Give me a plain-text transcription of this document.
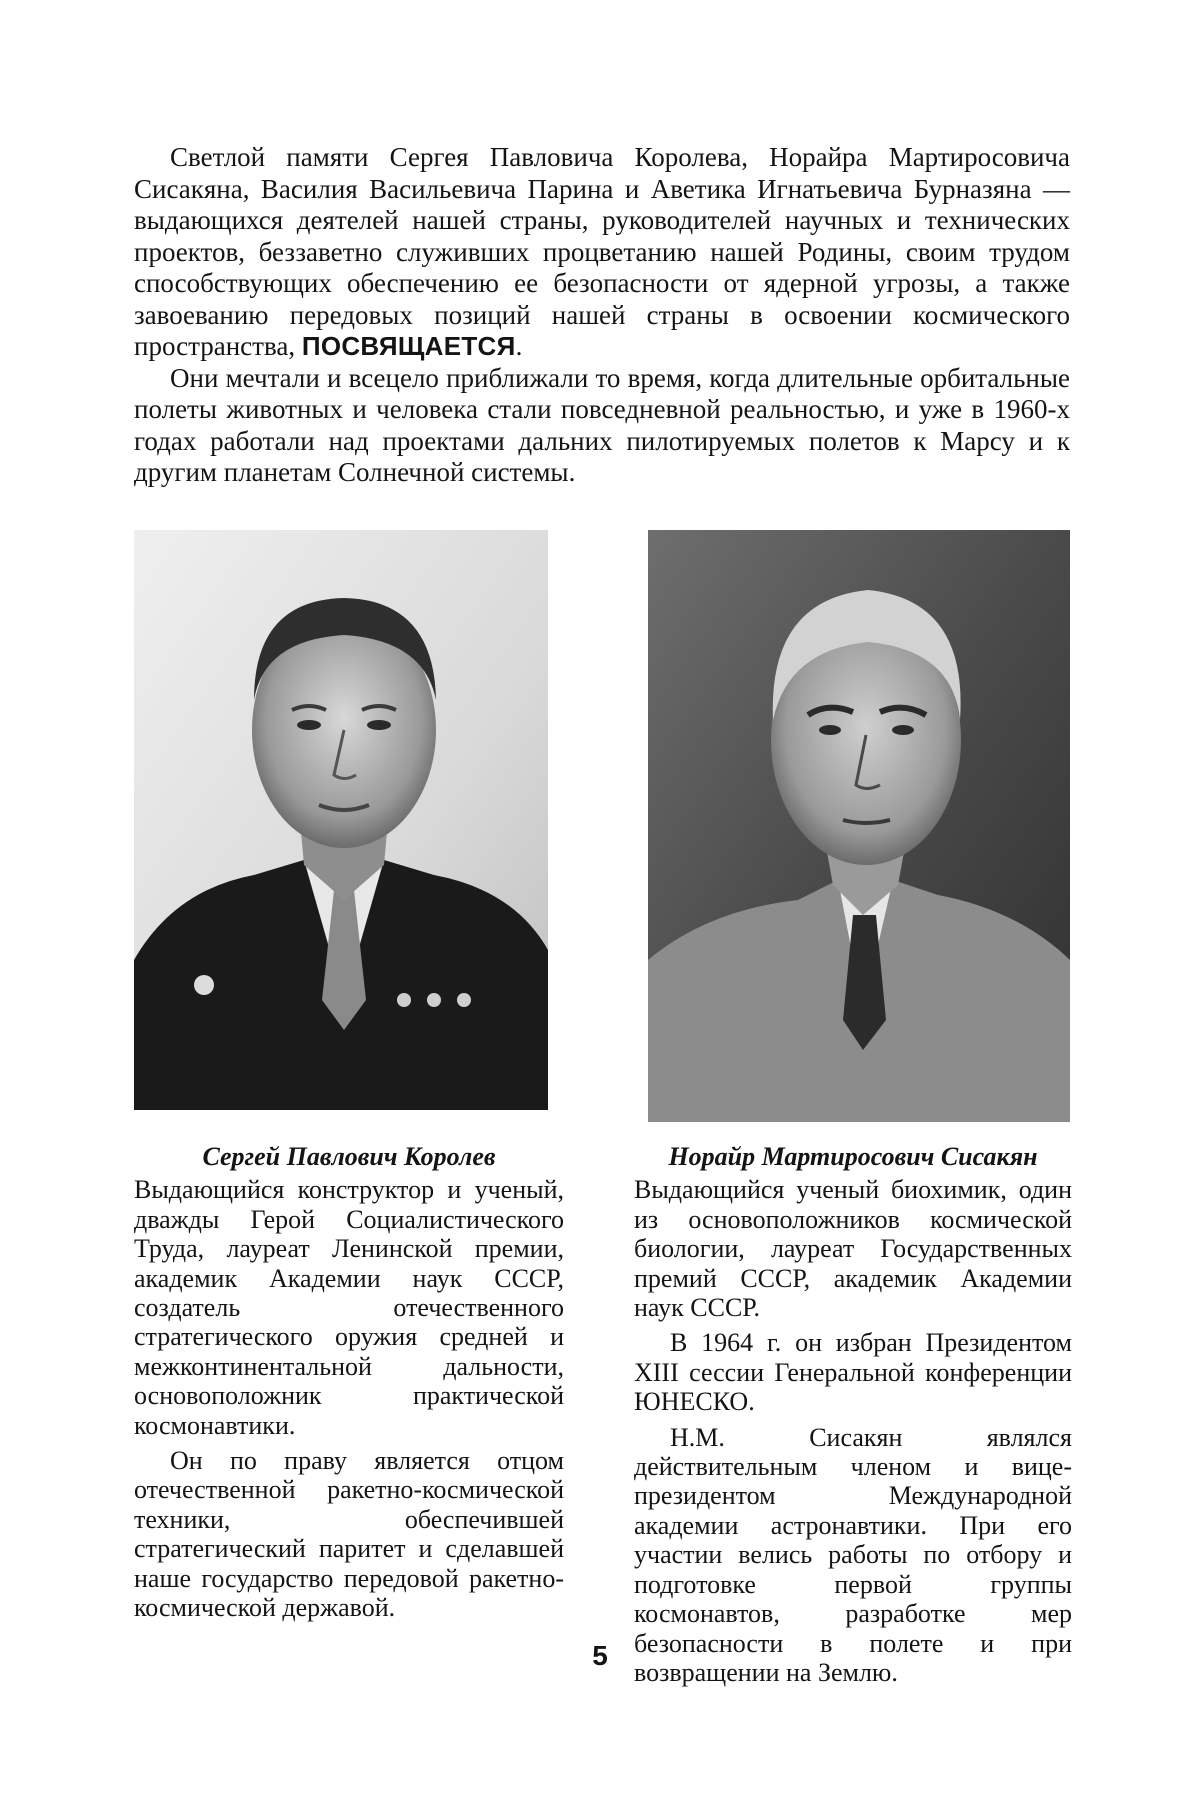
Светлой памяти Сергея Павловича Королева, Норайра Мартиросовича Сисакяна, Василия Васильевича Парина и Аветика Игнатьевича Бурназяна — выдающихся деятелей нашей страны, руководителей научных и технических проектов, беззаветно служивших процветанию нашей Родины, своим трудом способствующих обеспечению ее безопасности от ядерной угрозы, а также завоеванию передовых позиций нашей страны в освоении космического пространства, ПОСВЯЩАЕТСЯ.

Они мечтали и всецело приближали то время, когда длительные орбитальные полеты животных и человека стали повседневной реальностью, и уже в 1960-х годах работали над проектами дальних пилотируемых полетов к Марсу и к другим планетам Солнечной системы.

Сергей Павлович Королев

Выдающийся конструктор и ученый, дважды Герой Социалистического Труда, лауреат Ленинской премии, академик Академии наук СССР, создатель отечественного стратегического оружия средней и межконтинентальной дальности, основоположник практической космонавтики.

Он по праву является отцом отечественной ракетно-космической техники, обеспечившей стратегический паритет и сделавшей наше государство передовой ракетно-космической державой.

Норайр Мартиросович Сисакян

Выдающийся ученый биохимик, один из основоположников космической биологии, лауреат Государственных премий СССР, академик Академии наук СССР.

В 1964 г. он избран Президентом XIII сессии Генеральной конференции ЮНЕСКО.

Н.М. Сисакян являлся действительным членом и вице-президентом Международной академии астронавтики. При его участии велись работы по отбору и подготовке первой группы космонавтов, разработке мер безопасности в полете и при возвращении на Землю.

5
